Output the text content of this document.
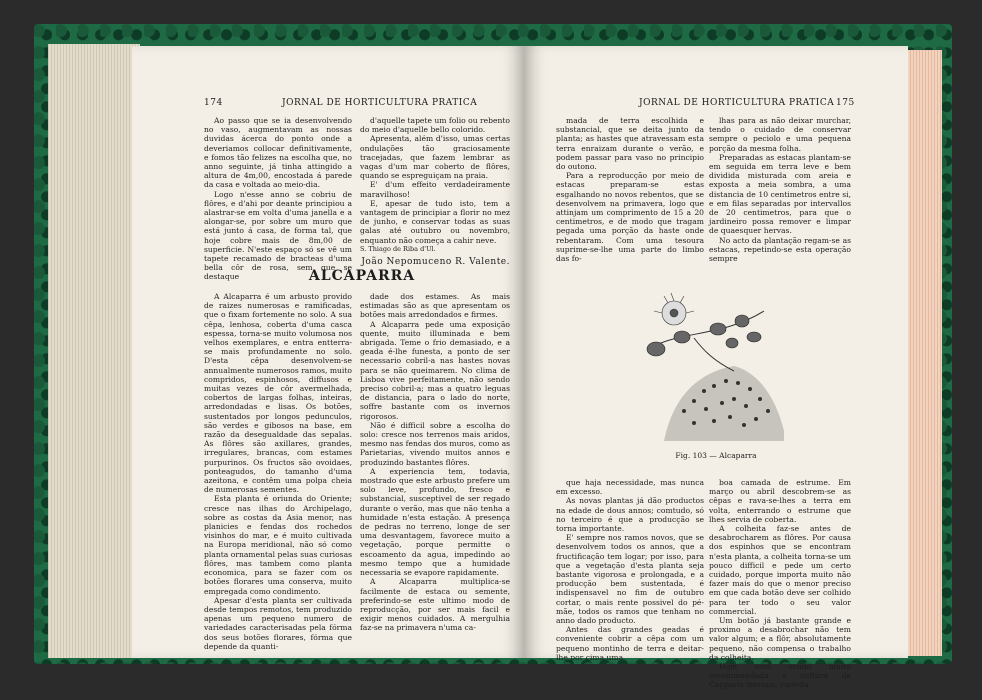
174	JORNAL DE HORTICULTURA PRATICA

Ao passo que se ia desenvolvendo no vaso, augmentavam as nossas duvidas ácerca do ponto onde a deveriamos collocar definitivamente, e fomos tão felizes na escolha que, no anno seguinte, já tinha attingido a altura de 4m,00, encostada á parede da casa e voltada ao meio-dia.

Logo n'esse anno se cobriu de flôres, e d'ahi por deante principiou a alastrar-se em volta d'uma janella e a alongar-se, por sobre um muro que está junto á casa, de forma tal, que hoje cobre mais de 8m,00 de superficie. N'este espaço só se vê um tapete recamado de bracteas d'uma bella côr de rosa, sem que se destaque

d'aquelle tapete um folio ou rebento do meio d'aquelle bello colorido.

Apresenta, além d'isso, umas certas ondulações tão graciosamente tracejadas, que fazem lembrar as vagas d'um mar coberto de flôres, quando se espreguiçam na praia.

E' d'um effeito verdadeiramente maravilhoso!

E, apesar de tudo isto, tem a vantagem de principiar a florir no mez de junho, e conservar todas as suas galas até outubro ou novembro, enquanto não começa a cahir neve.

S. Thiago de Riba d'Ul.

João Nepomuceno R. Valente.
ALCAPARRA

A Alcaparra é um arbusto provido de raizes numerosas e ramificadas, que o fixam fortemente no solo. A sua cêpa, lenhosa, coberta d'uma casca espessa, torna-se muito volumosa nos velhos exemplares, e entra entterra-se mais profundamente no solo. D'esta cêpa desenvolvem-se annualmente numerosos ramos, muito compridos, espinhosos, diffusos e muitas vezes de côr avermelhada, cobertos de largas folhas, inteiras, arredondadas e lisas. Os botões, sustentados por longos pedunculos, são verdes e gibosos na base, em razão da desegualdade das sepalas. As flôres são axillares, grandes, irregulares, brancas, com estames purpurinos. Os fructos são ovoidaes, ponteagudos, do tamanho d'uma azeitona, e contêm uma polpa cheia de numerosas sementes.

Esta planta é oriunda do Oriente; cresce nas ilhas do Archipelago, sobre as costas da Asia menor, nas planicies e fendas dos rochedos visinhos do mar, e é muito cultivada na Europa meridional, não só como planta ornamental pelas suas curiosas flôres, mas tambem como planta economica, para se fazer com os botões florares uma conserva, muito empregada como condimento.

Apesar d'esta planta ser cultivada desde tempos remotos, tem produzido apenas um pequeno numero de variedades caracterisadas pela fórma dos seus botões florares, fórma que depende da quanti-

dade dos estames. As mais estimadas são as que apresentam os botões mais arredondados e firmes.

A Alcaparra pede uma exposição quente, muito illuminada e bem abrigada. Teme o frio demasiado, e a geada é-lhe funesta, a ponto de ser necessario cobril-a nas hastes novas para se não queimarem. No clima de Lisboa vive perfeitamente, não sendo preciso cobril-a; mas a quatro leguas de distancia, para o lado do norte, soffre bastante com os invernos rigorosos.

Não é difficil sobre a escolha do solo: cresce nos terrenos mais aridos, mesmo nas fendas dos muros, como as Parietarias, vivendo muitos annos e produzindo bastantes flôres.

A experiencia tem, todavia, mostrado que este arbusto prefere um solo leve, profundo, fresco e substancial, susceptivel de ser regado durante o verão, mas que não tenha a humidade n'esta estação. A presença de pedras no terreno, longe de ser uma desvantagem, favorece muito a vegetação, porque permitte o escoamento da agua, impedindo ao mesmo tempo que a humidade necessaria se evapore rapidamente.

A Alcaparra multiplica-se facilmente de estaca ou semente, preferindo-se este ultimo modo de reproducção, por ser mais facil e exigir menos cuidados. A mergulhia faz-se na primavera n'uma ca-

JORNAL DE HORTICULTURA PRATICA 175

mada de terra escolhida e substancial, que se deita junto da planta; as hastes que atravessam esta terra enraizam durante o verão, e podem passar para vaso no principio do outono.

Para a reproducção por meio de estacas preparam-se estas esgalhando no novos rebentos, que se desenvolvem na primavera, logo que attinjam um comprimento de 15 a 20 centimetros, e de modo que tragam pegada uma porção da haste onde rebentaram. Com uma tesoura suprime-se-lhe uma parte do limbo das fo-

lhas para as não deixar murchar, tendo o cuidado de conservar sempre o peciolo e uma pequena porção da mesma folha.

Preparadas as estacas plantam-se em seguida em terra leve e bem dividida misturada com areia e exposta a meia sombra, a uma distancia de 10 centimetros entre si, e em filas separadas por intervallos de 20 centimetros, para que o jardineiro possa remover e limpar de quaesquer hervas.

No acto da plantação regam-se as estacas, repetindo-se esta operação sempre

Fig. 103 — Alcaparra

que haja necessidade, mas nunca em excesso.

As novas plantas já dão productos na edade de dous annos; comtudo, só no terceiro é que a producção se torna importante.

E' sempre nos ramos novos, que se desenvolvem todos os annos, que a fructificação tem logar; por isso, para que a vegetação d'esta planta seja bastante vigorosa e prolongada, e a producção bem sustentada, é indispensavel no fim de outubro cortar, o mais rente possivel do pé-mãe, todos os ramos que tenham no anno dado producto.

Antes das grandes geadas é conveniente cobrir a cêpa com um pequeno montinho de terra e deitar-lhe por cima uma

boa camada de estrume. Em março ou abril descobrem-se as cêpas e rava-se-lhes a terra em volta, enterrando o estrume que lhes servia de coberta.

A colheita faz-se antes de desabrocharem as flôres. Por causa dos espinhos que se encontram n'esta planta, a colheita torna-se um pouco difficil e pede um certo cuidado, porque importa muito não fazer mais do que o menor preciso em que cada botão deve ser colhido para ter todo o seu valor commercial.

Um botão já bastante grande e proximo a desabrochar não tem valor algum; e a flôr, absolutamente pequeno, não compensa o trabalho da colheita.

Hoje está sendo muito recommendada a cultura da Capparis inermis, varieda-
